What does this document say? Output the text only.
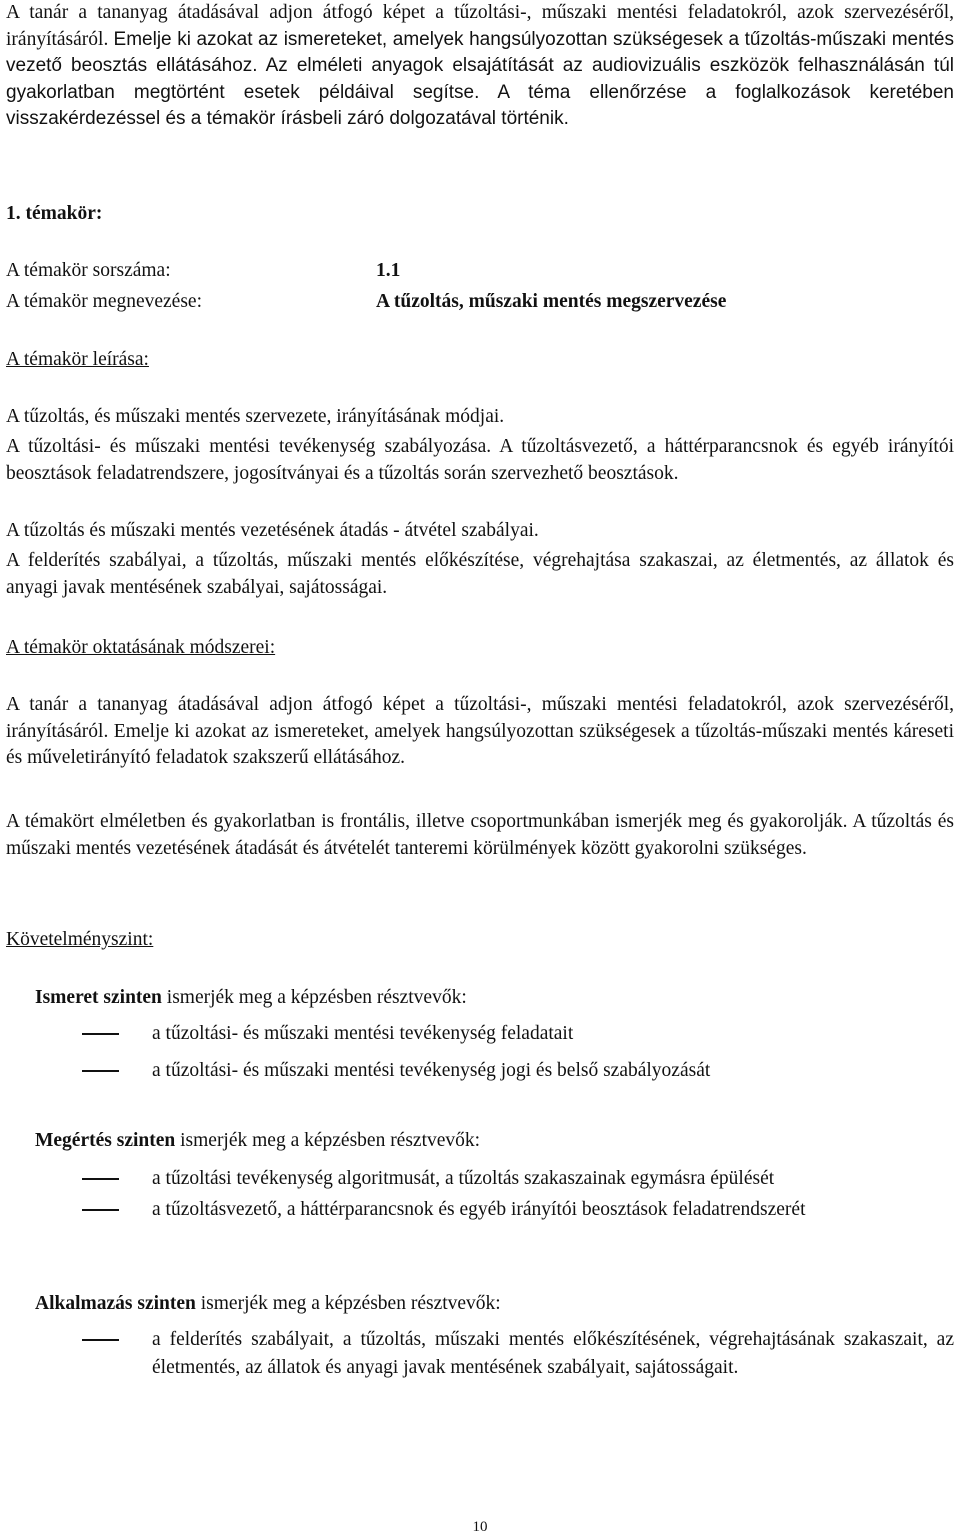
A tanár a tananyag átadásával adjon átfogó képet a tűzoltási-, műszaki mentési feladatokról, azok szervezéséről, irányításáról. Emelje ki azokat az ismereteket, amelyek hangsúlyozottan szükségesek a tűzoltás-műszaki mentés vezető beosztás ellátásához. Az elméleti anyagok elsajátítását az audiovizuális eszközök felhasználásán túl gyakorlatban megtörtént esetek példáival segítse. A téma ellenőrzése a foglalkozások keretében visszakérdezéssel és a témakör írásbeli záró dolgozatával történik.

1. témakör:
A témakör sorszáma:	1.1
A témakör megnevezése:	A tűzoltás, műszaki mentés megszervezése
A témakör leírása:

A tűzoltás, és műszaki mentés szervezete, irányításának módjai.

A tűzoltási- és műszaki mentési tevékenység szabályozása. A tűzoltásvezető, a háttérparancsnok és egyéb irányítói beosztások feladatrendszere, jogosítványai és a tűzoltás során szervezhető beosztások.

A tűzoltás és műszaki mentés vezetésének átadás - átvétel szabályai.

A felderítés szabályai, a tűzoltás, műszaki mentés előkészítése, végrehajtása szakaszai, az életmentés, az állatok és anyagi javak mentésének szabályai, sajátosságai.

A témakör oktatásának módszerei:

A tanár a tananyag átadásával adjon átfogó képet a tűzoltási-, műszaki mentési feladatokról, azok szervezéséről, irányításáról. Emelje ki azokat az ismereteket, amelyek hangsúlyozottan szükségesek a tűzoltás-műszaki mentés káreseti és műveletirányító feladatok szakszerű ellátásához.

A témakört elméletben és gyakorlatban is frontális, illetve csoportmunkában ismerjék meg és gyakorolják. A tűzoltás és műszaki mentés vezetésének átadását és átvételét tanteremi körülmények között gyakorolni szükséges.

Követelményszint:
Ismeret szinten ismerjék meg a képzésben résztvevők:

a tűzoltási- és műszaki mentési tevékenység feladatait

a tűzoltási- és műszaki mentési tevékenység jogi és belső szabályozását

Megértés szinten ismerjék meg a képzésben résztvevők:

a tűzoltási tevékenység algoritmusát, a tűzoltás szakaszainak egymásra épülését

a tűzoltásvezető, a háttérparancsnok és egyéb irányítói beosztások feladatrendszerét

Alkalmazás szinten ismerjék meg a képzésben résztvevők:

a felderítés szabályait, a tűzoltás, műszaki mentés előkészítésének, végrehajtásának szakaszait, az életmentés, az állatok és anyagi javak mentésének szabályait, sajátosságait.

10
